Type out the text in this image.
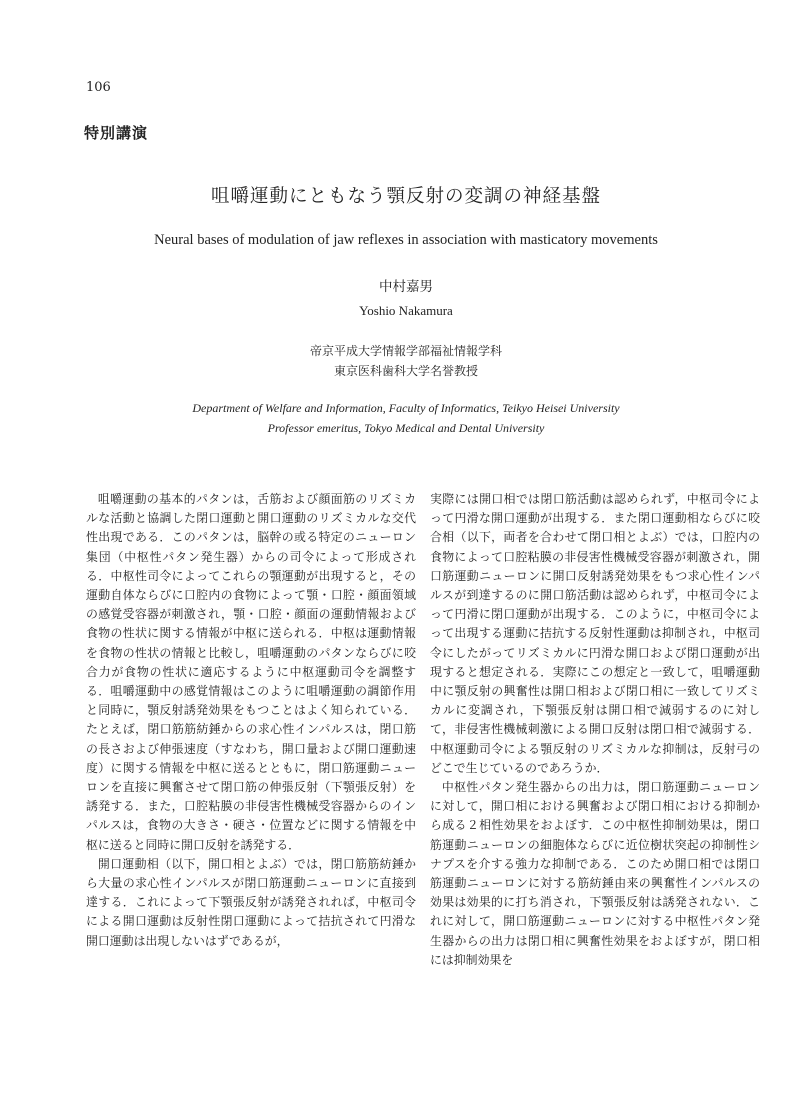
106
特別講演
咀嚼運動にともなう顎反射の変調の神経基盤
Neural bases of modulation of jaw reflexes in association with masticatory movements
中村嘉男
Yoshio Nakamura
帝京平成大学情報学部福祉情報学科
東京医科歯科大学名誉教授
Department of Welfare and Information, Faculty of Informatics, Teikyo Heisei University
Professor emeritus, Tokyo Medical and Dental University

咀嚼運動の基本的パタンは，舌筋および顔面筋のリズミカルな活動と協調した閉口運動と開口運動のリズミカルな交代性出現である．このパタンは，脳幹の或る特定のニューロン集団（中枢性パタン発生器）からの司令によって形成される．中枢性司令によってこれらの顎運動が出現すると，その運動自体ならびに口腔内の食物によって顎・口腔・顔面領域の感覚受容器が刺激され，顎・口腔・顔面の運動情報および食物の性状に関する情報が中枢に送られる．中枢は運動情報を食物の性状の情報と比較し，咀嚼運動のパタンならびに咬合力が食物の性状に適応するように中枢運動司令を調整する．咀嚼運動中の感覚情報はこのように咀嚼運動の調節作用と同時に，顎反射誘発効果をもつことはよく知られている．たとえば，閉口筋筋紡錘からの求心性インパルスは，閉口筋の長さおよび伸張速度（すなわち，開口量および開口運動速度）に関する情報を中枢に送るとともに，閉口筋運動ニューロンを直接に興奮させて閉口筋の伸張反射（下顎張反射）を誘発する．また，口腔粘膜の非侵害性機械受容器からのインパルスは，食物の大きさ・硬さ・位置などに関する情報を中枢に送ると同時に開口反射を誘発する．

開口運動相（以下，開口相とよぶ）では，閉口筋筋紡錘から大量の求心性インパルスが閉口筋運動ニューロンに直接到達する．これによって下顎張反射が誘発されれば，中枢司令による開口運動は反射性閉口運動によって拮抗されて円滑な開口運動は出現しないはずであるが，

実際には開口相では閉口筋活動は認められず，中枢司令によって円滑な開口運動が出現する．また閉口運動相ならびに咬合相（以下，両者を合わせて閉口相とよぶ）では，口腔内の食物によって口腔粘膜の非侵害性機械受容器が刺激され，開口筋運動ニューロンに開口反射誘発効果をもつ求心性インパルスが到達するのに開口筋活動は認められず，中枢司令によって円滑に閉口運動が出現する．このように，中枢司令によって出現する運動に拮抗する反射性運動は抑制され，中枢司令にしたがってリズミカルに円滑な開口および閉口運動が出現すると想定される．実際にこの想定と一致して，咀嚼運動中に顎反射の興奮性は開口相および閉口相に一致してリズミカルに変調され，下顎張反射は開口相で減弱するのに対して，非侵害性機械刺激による開口反射は閉口相で減弱する．中枢運動司令による顎反射のリズミカルな抑制は，反射弓のどこで生じているのであろうか．

中枢性パタン発生器からの出力は，閉口筋運動ニューロンに対して，開口相における興奮および閉口相における抑制から成る２相性効果をおよぼす．この中枢性抑制効果は，閉口筋運動ニューロンの細胞体ならびに近位樹状突起の抑制性シナプスを介する強力な抑制である．このため開口相では閉口筋運動ニューロンに対する筋紡錘由来の興奮性インパルスの効果は効果的に打ち消され，下顎張反射は誘発されない．これに対して，開口筋運動ニューロンに対する中枢性パタン発生器からの出力は閉口相に興奮性効果をおよぼすが，閉口相には抑制効果を
